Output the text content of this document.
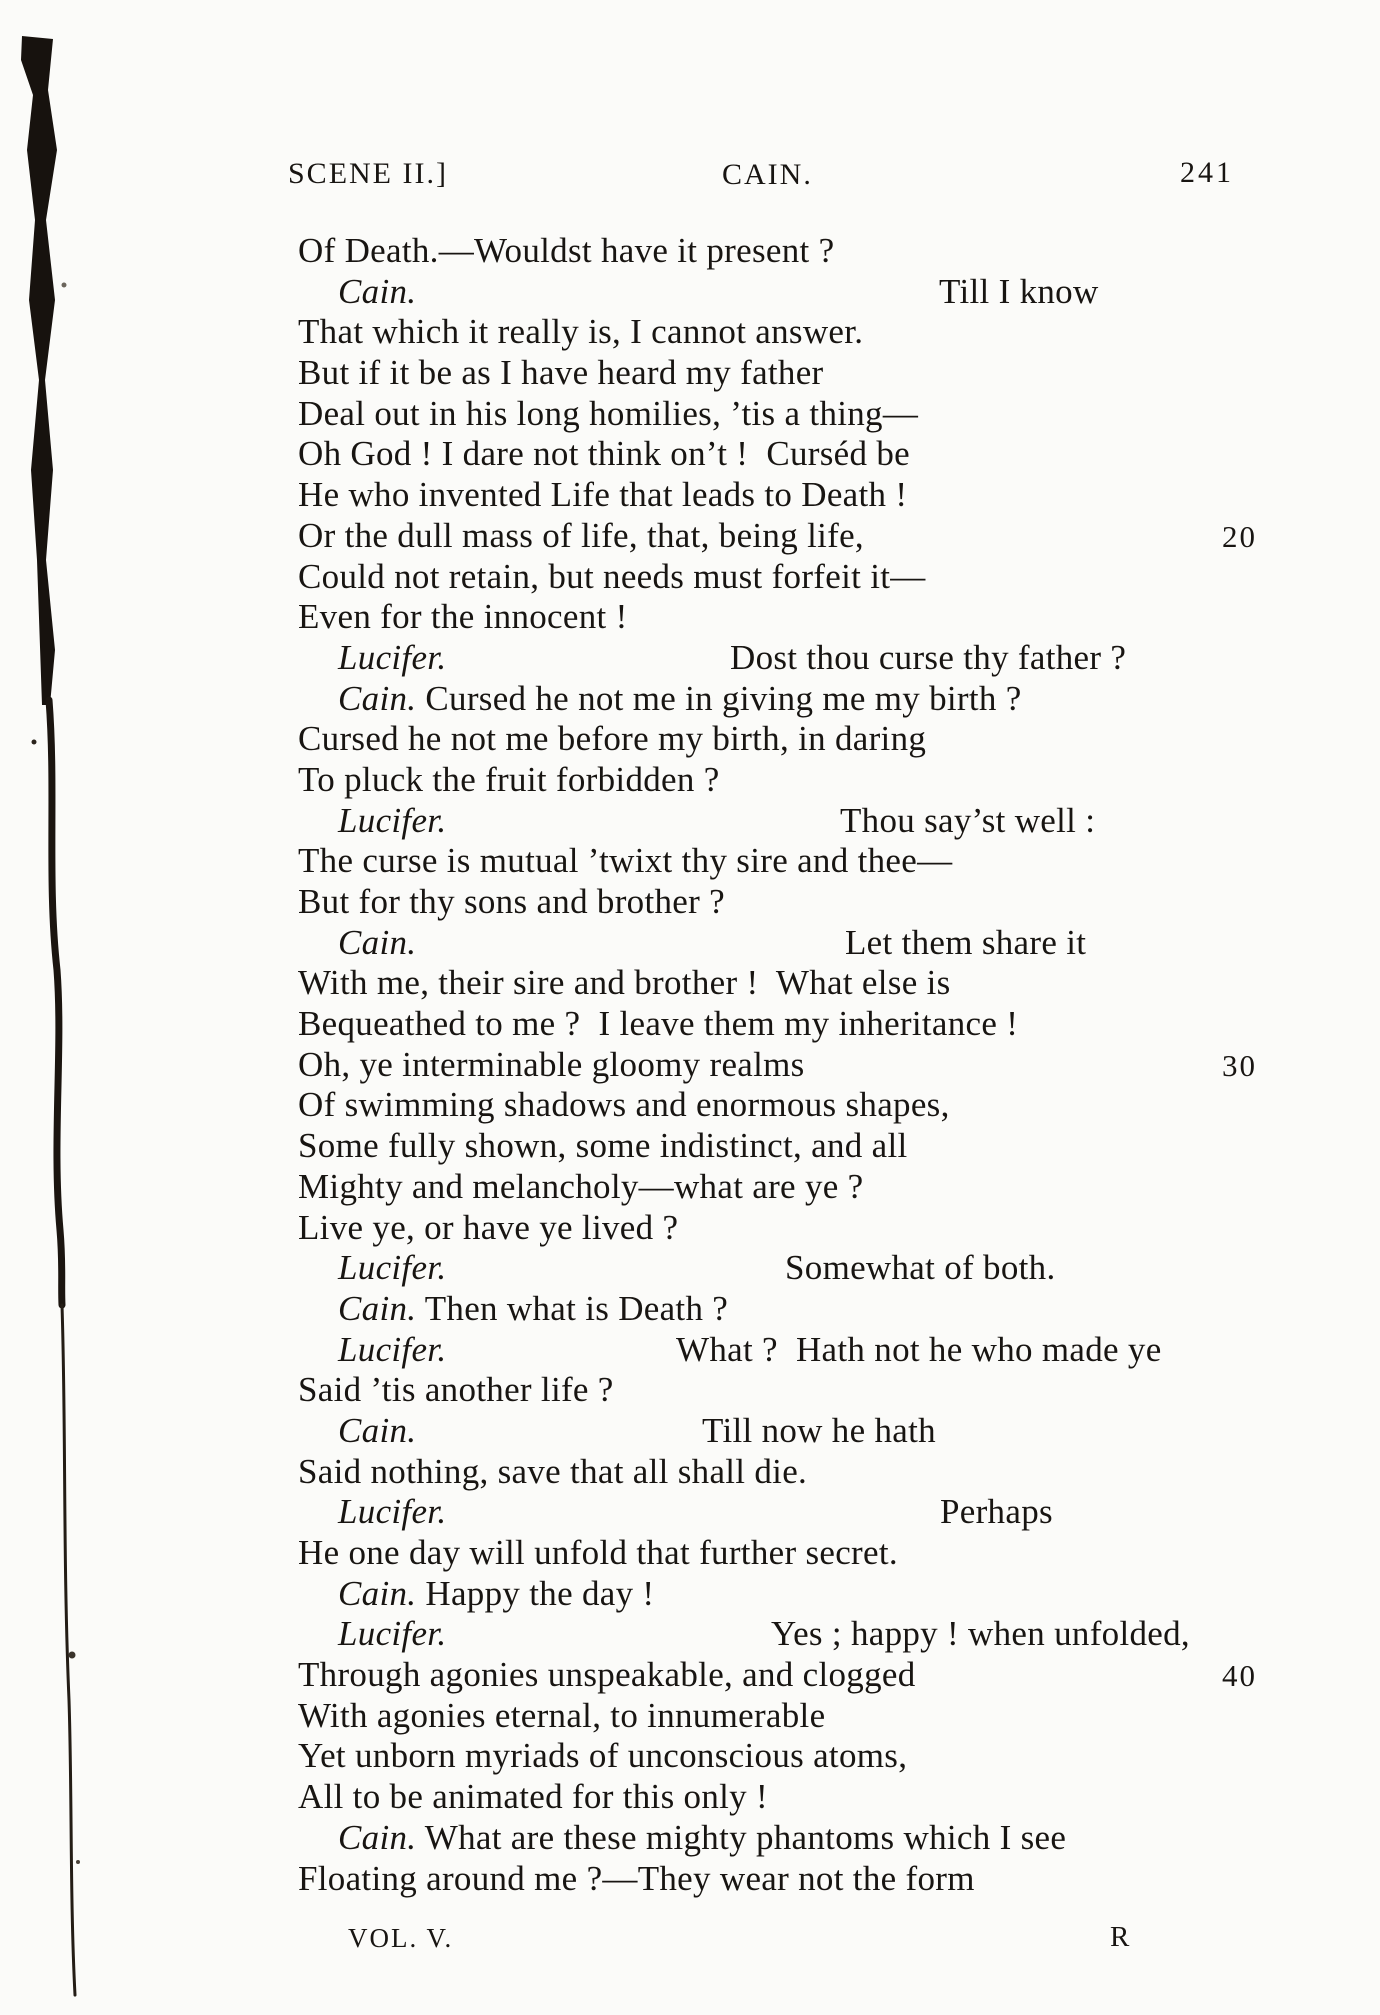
SCENE II.]	CAIN.	241
Of Death.—Wouldst have it present ?
Cain.	Till I know
That which it really is, I cannot answer.
But if it be as I have heard my father
Deal out in his long homilies, ’tis a thing—
Oh God ! I dare not think on’t !  Curséd be
He who invented Life that leads to Death !
Or the dull mass of life, that, being life,	20
Could not retain, but needs must forfeit it—
Even for the innocent !
Lucifer.	Dost thou curse thy father ?
Cain. Cursed he not me in giving me my birth ?
Cursed he not me before my birth, in daring
To pluck the fruit forbidden ?
Lucifer.	Thou say’st well :
The curse is mutual ’twixt thy sire and thee—
But for thy sons and brother ?
Cain.	Let them share it
With me, their sire and brother !  What else is
Bequeathed to me ?  I leave them my inheritance !
Oh, ye interminable gloomy realms	30
Of swimming shadows and enormous shapes,
Some fully shown, some indistinct, and all
Mighty and melancholy—what are ye ?
Live ye, or have ye lived ?
Lucifer.	Somewhat of both.
Cain. Then what is Death ?
Lucifer.	What ?  Hath not he who made ye
Said ’tis another life ?
Cain.	Till now he hath
Said nothing, save that all shall die.
Lucifer.	Perhaps
He one day will unfold that further secret.
Cain. Happy the day !
Lucifer.	Yes ; happy ! when unfolded,
Through agonies unspeakable, and clogged	40
With agonies eternal, to innumerable
Yet unborn myriads of unconscious atoms,
All to be animated for this only !
Cain. What are these mighty phantoms which I see
Floating around me ?—They wear not the form
VOL. V.	R
